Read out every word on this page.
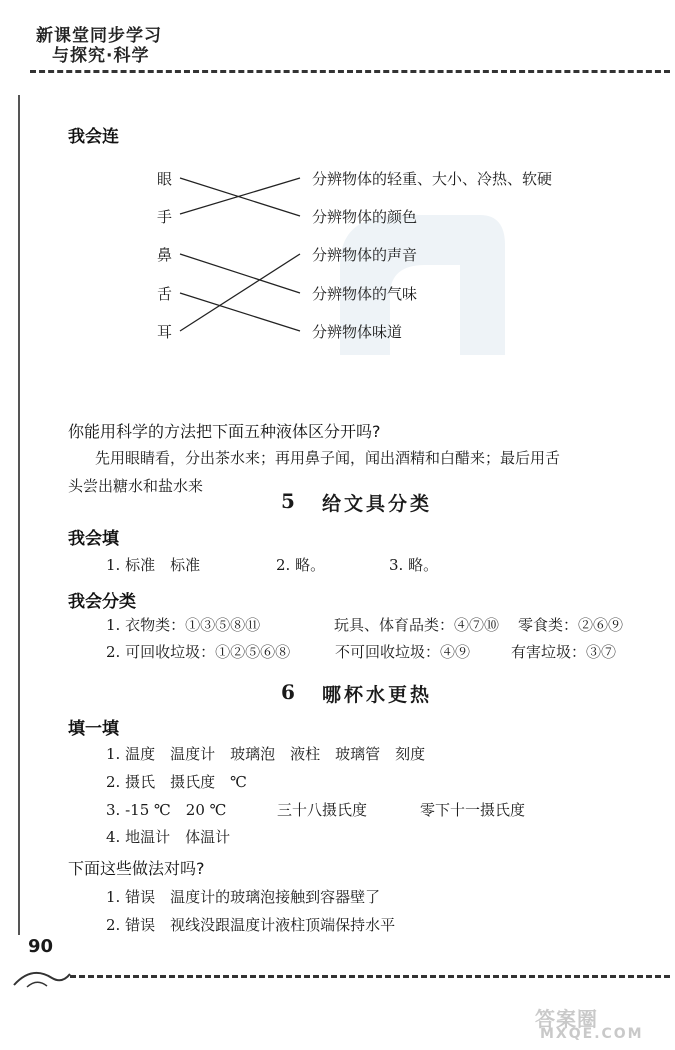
新课堂同步学习
与探究·科学
我会连
眼
手
鼻
舌
耳
分辨物体的轻重、大小、冷热、软硬
分辨物体的颜色
分辨物体的声音
分辨物体的气味
分辨物体味道
你能用科学的方法把下面五种液体区分开吗?
先用眼睛看，分出茶水来；再用鼻子闻，闻出酒精和白醋来；最后用舌
头尝出糖水和盐水来
5 给文具分类
我会填
1. 标准　标准	2. 略。	3. 略。
我会分类
1. 衣物类：①③⑤⑧⑪	玩具、体育品类：④⑦⑩ 零食类：②⑥⑨
2. 可回收垃圾：①②⑤⑥⑧	不可回收垃圾：④⑨	有害垃圾：③⑦
6 哪杯水更热
填一填
1. 温度　温度计　玻璃泡　液柱　玻璃管　刻度
2. 摄氏　摄氏度　℃
3. -15 ℃　20 ℃	三十八摄氏度	零下十一摄氏度
4. 地温计　体温计
下面这些做法对吗?
1. 错误　温度计的玻璃泡接触到容器壁了
2. 错误　视线没跟温度计液柱顶端保持水平
90
答案圈
MXQE.COM
